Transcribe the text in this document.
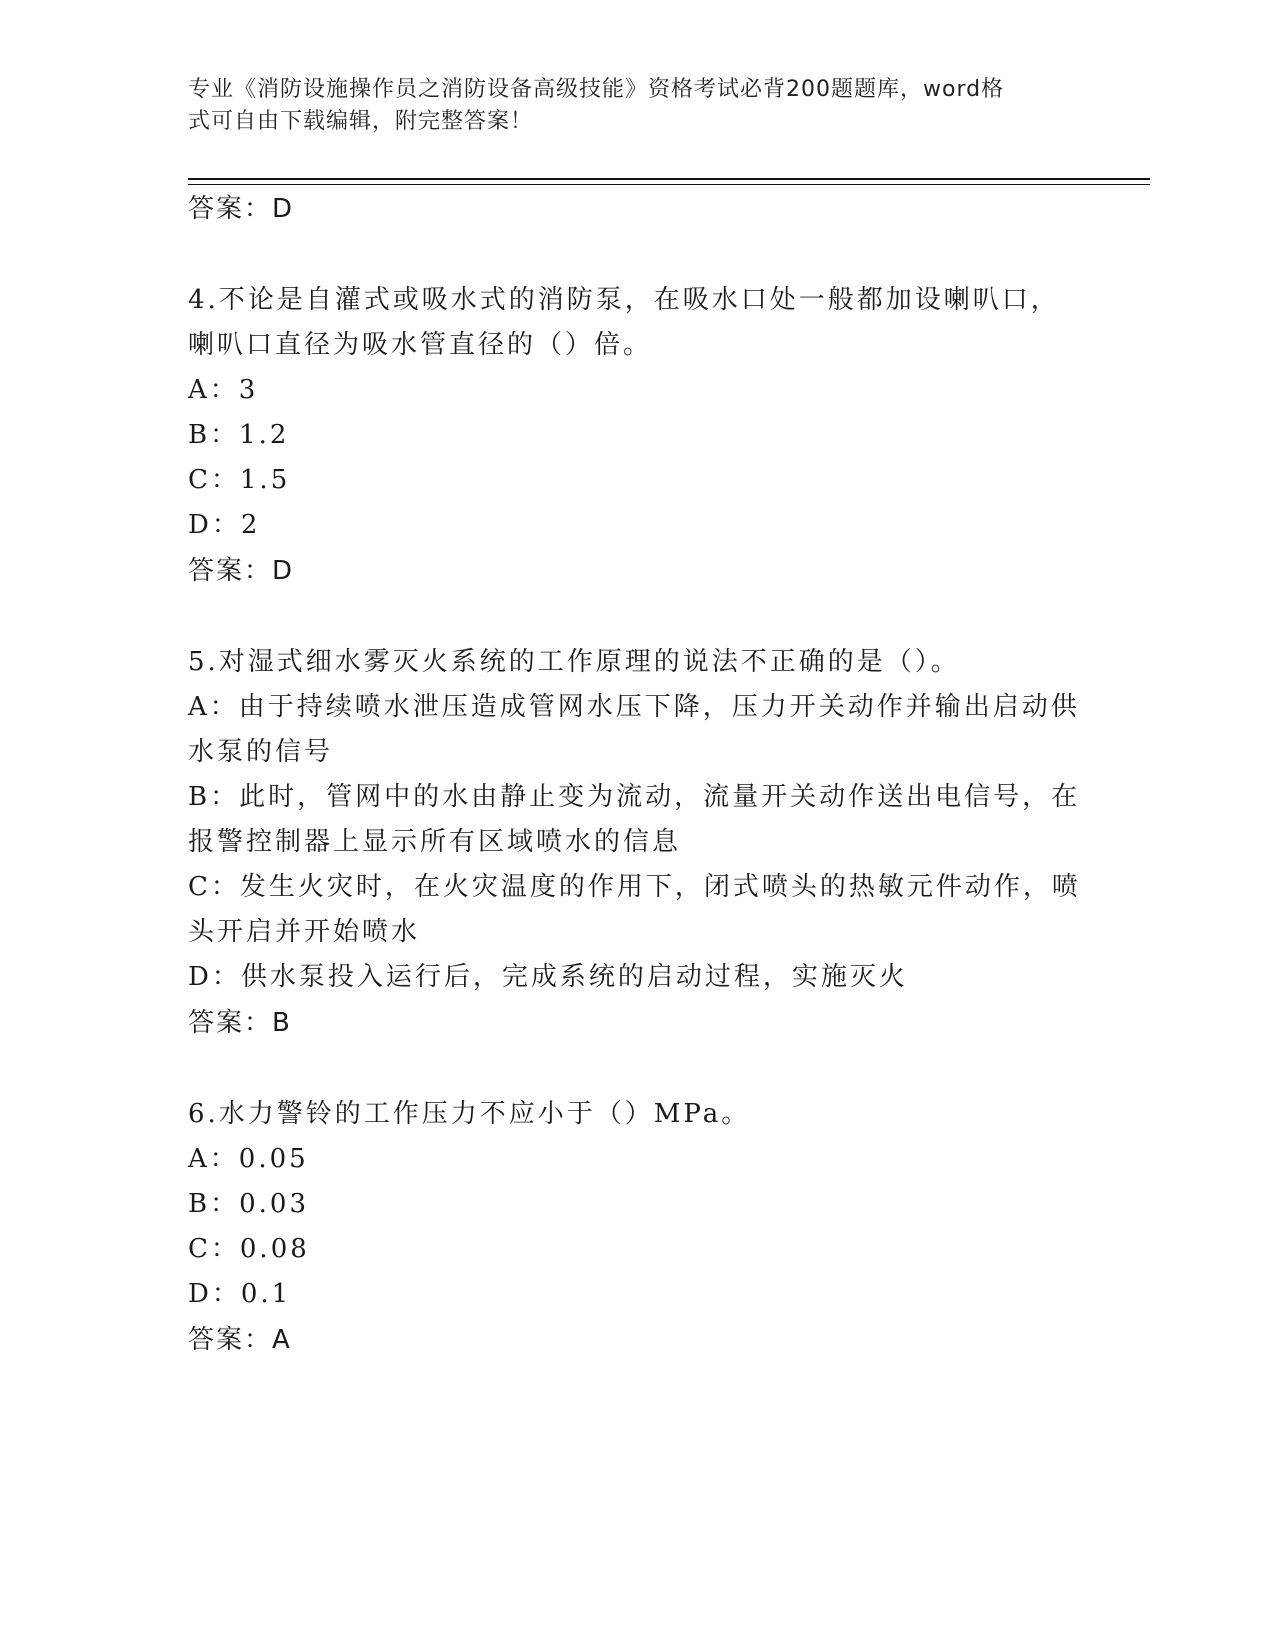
专业《消防设施操作员之消防设备高级技能》资格考试必背200题题库，word格
式可自由下载编辑，附完整答案！

答案：D

4.不论是自灌式或吸水式的消防泵，在吸水口处一般都加设喇叭口，

喇叭口直径为吸水管直径的（）倍。

A：3

B：1.2

C：1.5

D：2

答案：D

5.对湿式细水雾灭火系统的工作原理的说法不正确的是（）。

A：由于持续喷水泄压造成管网水压下降，压力开关动作并输出启动供

水泵的信号

B：此时，管网中的水由静止变为流动，流量开关动作送出电信号，在

报警控制器上显示所有区域喷水的信息

C：发生火灾时，在火灾温度的作用下，闭式喷头的热敏元件动作，喷

头开启并开始喷水

D：供水泵投入运行后，完成系统的启动过程，实施灭火

答案：B

6.水力警铃的工作压力不应小于（）MPa。

A：0.05

B：0.03

C：0.08

D：0.1

答案：A
